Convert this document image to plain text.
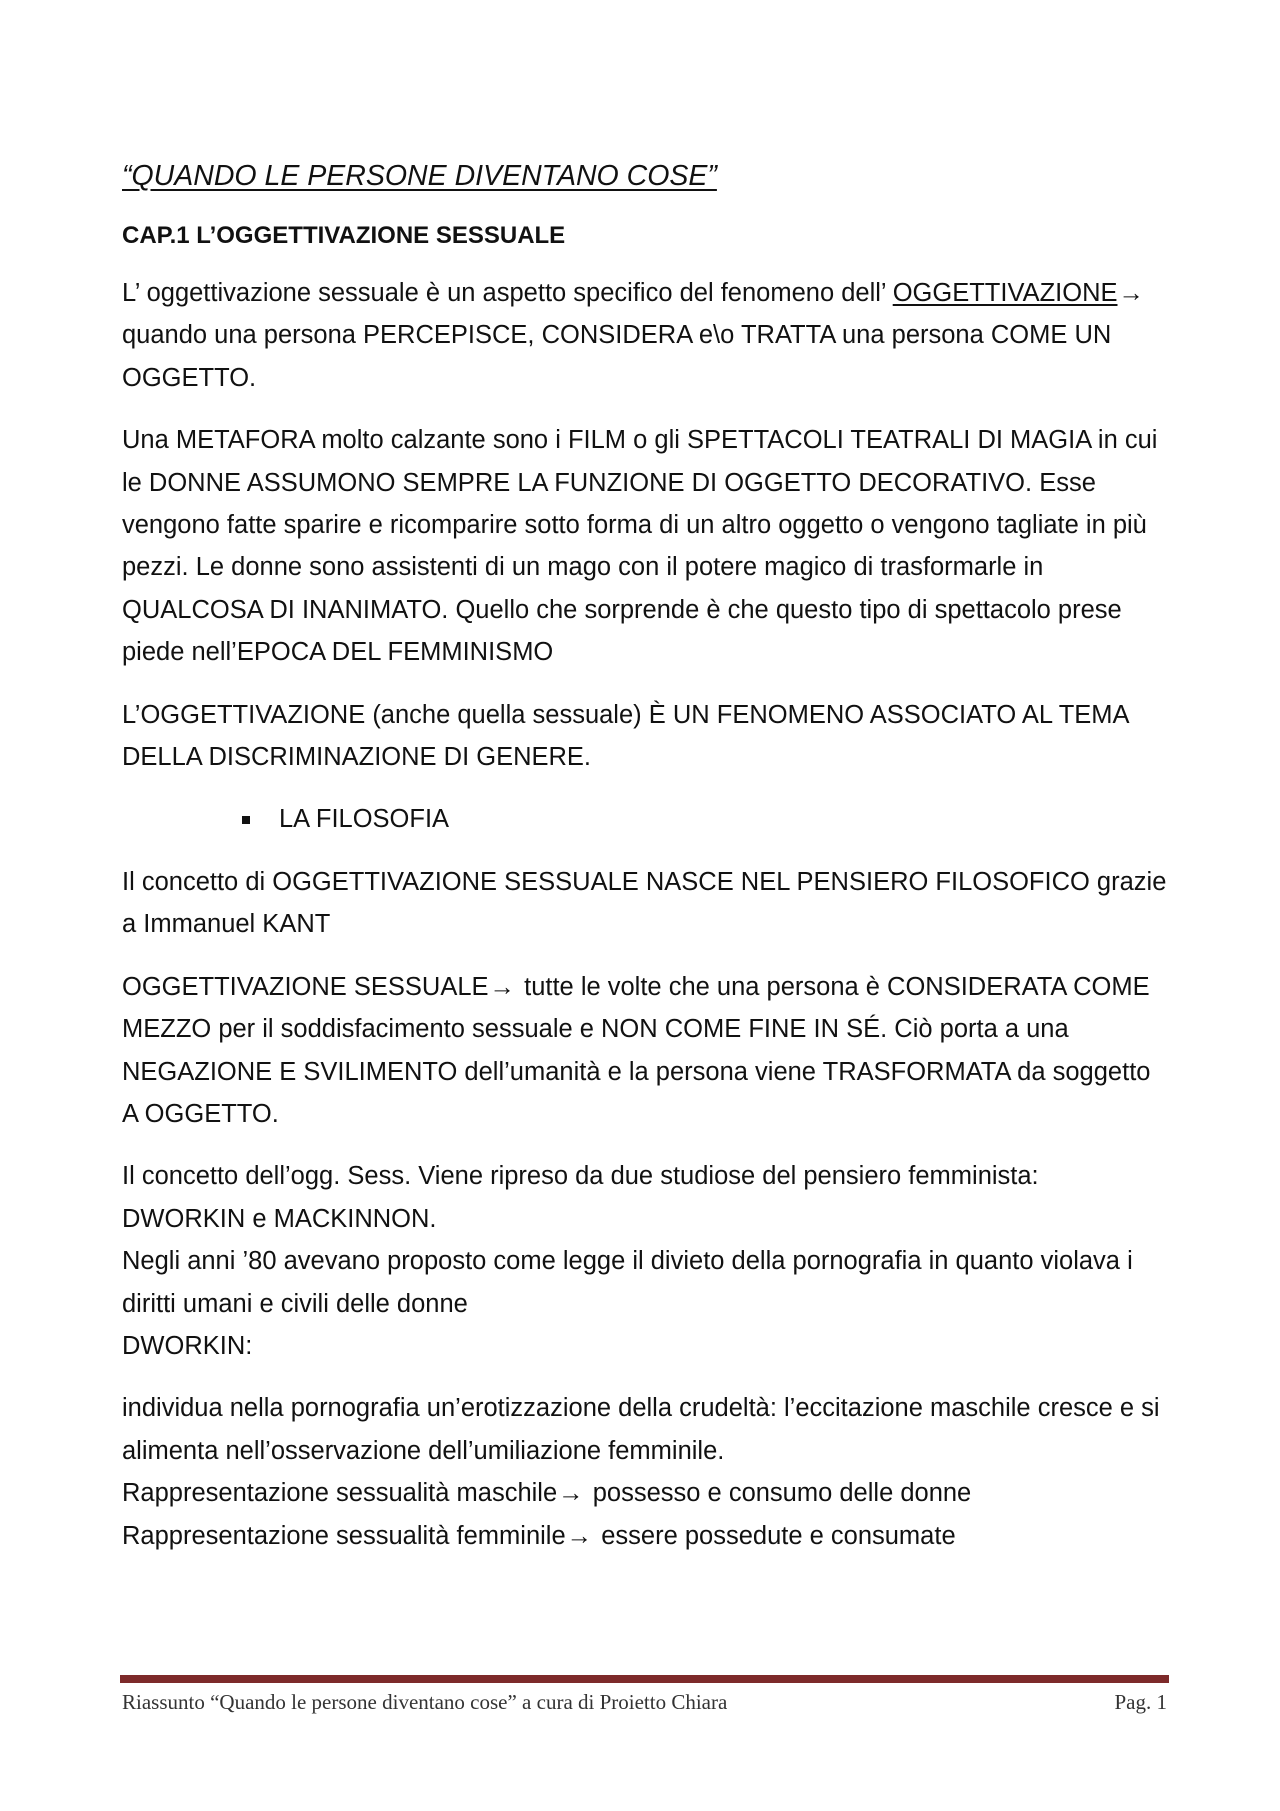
“QUANDO LE PERSONE DIVENTANO COSE”
CAP.1 L’OGGETTIVAZIONE SESSUALE

L’ oggettivazione sessuale è un aspetto specifico del fenomeno dell’ OGGETTIVAZIONE→ quando una persona PERCEPISCE, CONSIDERA e\o TRATTA una persona COME UN OGGETTO.

Una METAFORA molto calzante sono i FILM o gli SPETTACOLI TEATRALI DI MAGIA in cui le DONNE ASSUMONO SEMPRE LA FUNZIONE DI OGGETTO DECORATIVO. Esse vengono fatte sparire e ricomparire sotto forma di un altro oggetto o vengono tagliate in più pezzi. Le donne sono assistenti di un mago con il potere magico di trasformarle in QUALCOSA DI INANIMATO. Quello che sorprende è che questo tipo di spettacolo prese piede nell’EPOCA DEL FEMMINISMO

L’OGGETTIVAZIONE (anche quella sessuale) È UN FENOMENO ASSOCIATO AL TEMA DELLA DISCRIMINAZIONE DI GENERE.

LA FILOSOFIA

Il concetto di OGGETTIVAZIONE SESSUALE NASCE NEL PENSIERO FILOSOFICO grazie a Immanuel KANT

OGGETTIVAZIONE SESSUALE→ tutte le volte che una persona è CONSIDERATA COME MEZZO per il soddisfacimento sessuale e NON COME FINE IN SÉ. Ciò porta a una NEGAZIONE E SVILIMENTO dell’umanità e la persona viene TRASFORMATA da soggetto A OGGETTO.

Il concetto dell’ogg. Sess. Viene ripreso da due studiose del pensiero femminista: DWORKIN e MACKINNON.

Negli anni ’80 avevano proposto come legge il divieto della pornografia in quanto violava i diritti umani e civili delle donne

DWORKIN:

individua nella pornografia un’erotizzazione della crudeltà: l’eccitazione maschile cresce e si alimenta nell’osservazione dell’umiliazione femminile.

Rappresentazione sessualità maschile→ possesso e consumo delle donne

Rappresentazione sessualità femminile→ essere possedute e consumate

Riassunto “Quando le persone diventano cose” a cura di Proietto Chiara	Pag. 1
